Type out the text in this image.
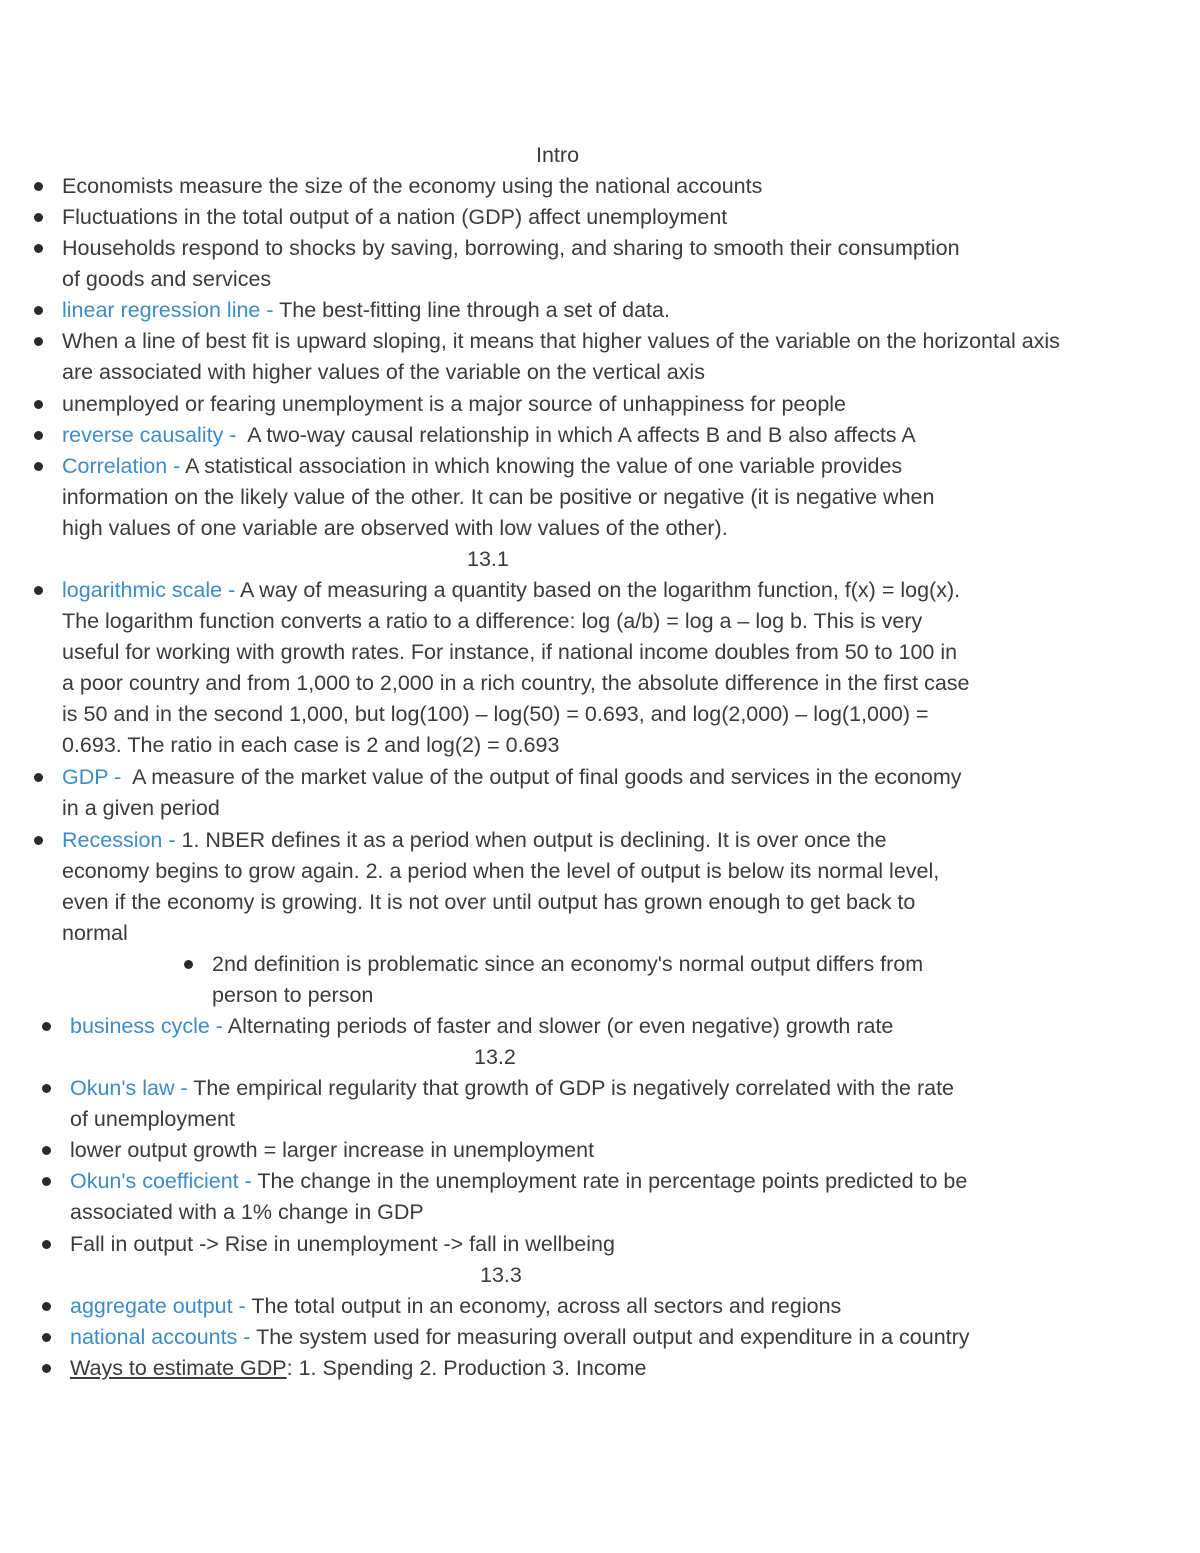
Intro
Economists measure the size of the economy using the national accounts
Fluctuations in the total output of a nation (GDP) affect unemployment
Households respond to shocks by saving, borrowing, and sharing to smooth their consumption
of goods and services
linear regression line - The best-fitting line through a set of data.
When a line of best fit is upward sloping, it means that higher values of the variable on the horizontal axis
are associated with higher values of the variable on the vertical axis
unemployed or fearing unemployment is a major source of unhappiness for people
reverse causality -  A two-way causal relationship in which A affects B and B also affects A
Correlation - A statistical association in which knowing the value of one variable provides
information on the likely value of the other. It can be positive or negative (it is negative when
high values of one variable are observed with low values of the other).
13.1
logarithmic scale - A way of measuring a quantity based on the logarithm function, f(x) = log(x).
The logarithm function converts a ratio to a difference: log (a/b) = log a – log b. This is very
useful for working with growth rates. For instance, if national income doubles from 50 to 100 in
a poor country and from 1,000 to 2,000 in a rich country, the absolute difference in the first case
is 50 and in the second 1,000, but log(100) – log(50) = 0.693, and log(2,000) – log(1,000) =
0.693. The ratio in each case is 2 and log(2) = 0.693
GDP -  A measure of the market value of the output of final goods and services in the economy
in a given period
Recession - 1. NBER defines it as a period when output is declining. It is over once the
economy begins to grow again. 2. a period when the level of output is below its normal level,
even if the economy is growing. It is not over until output has grown enough to get back to
normal
2nd definition is problematic since an economy's normal output differs from
person to person
business cycle - Alternating periods of faster and slower (or even negative) growth rate
13.2
Okun's law - The empirical regularity that growth of GDP is negatively correlated with the rate
of unemployment
lower output growth = larger increase in unemployment
Okun's coefficient - The change in the unemployment rate in percentage points predicted to be
associated with a 1% change in GDP
Fall in output -> Rise in unemployment -> fall in wellbeing
13.3
aggregate output - The total output in an economy, across all sectors and regions
national accounts - The system used for measuring overall output and expenditure in a country
Ways to estimate GDP: 1. Spending 2. Production 3. Income
